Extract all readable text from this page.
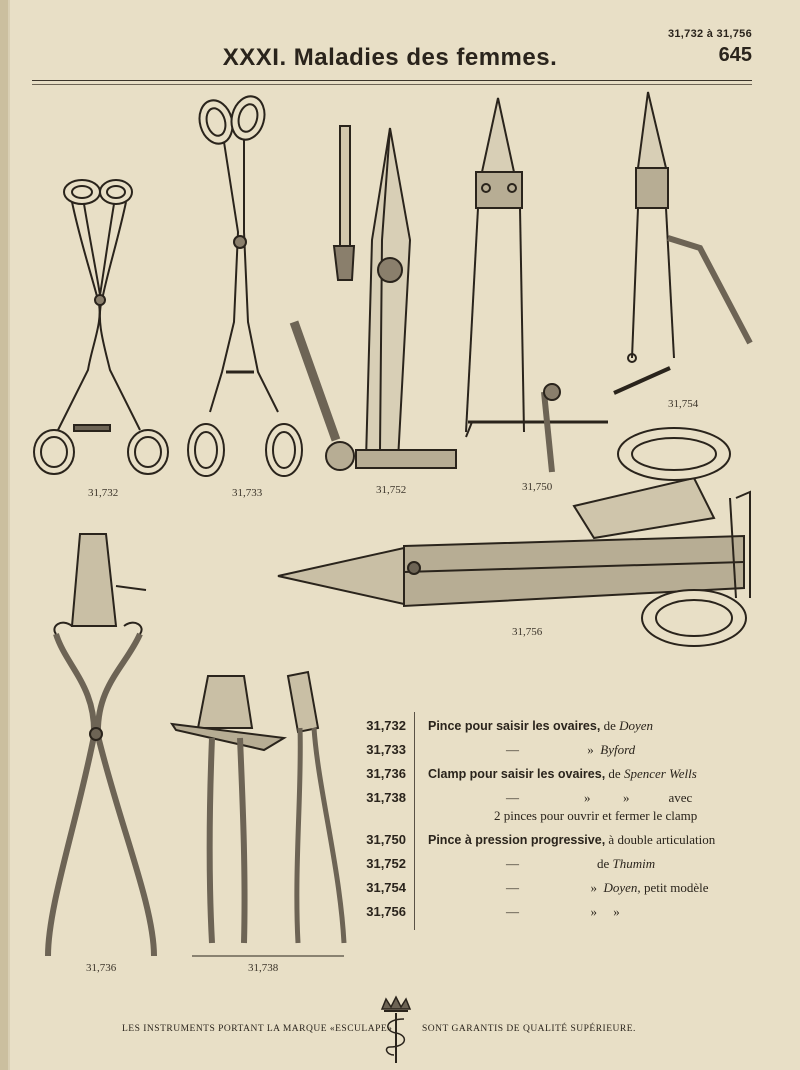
31,732 à 31,756
645
XXXI. Maladies des femmes.
31,732	31,733	31,752	31,750
31,754
31,756
31,736	31,738
31,732 Pince pour saisir les ovaires, de Doyen
31,733	—                     »  Byford
31,736 Clamp pour saisir les ovaires, de Spencer Wells
31,738	—                    »          »            avec
2 pinces pour ouvrir et fermer le clamp
31,750 Pince à pression progressive, à double articulation
31,752	—                        de Thumim
31,754	—                      »  Doyen, petit modèle
31,756	—                      »     »
LES INSTRUMENTS PORTANT LA MARQUE «ESCULAPE»	SONT GARANTIS DE QUALITÉ SUPÉRIEURE.
